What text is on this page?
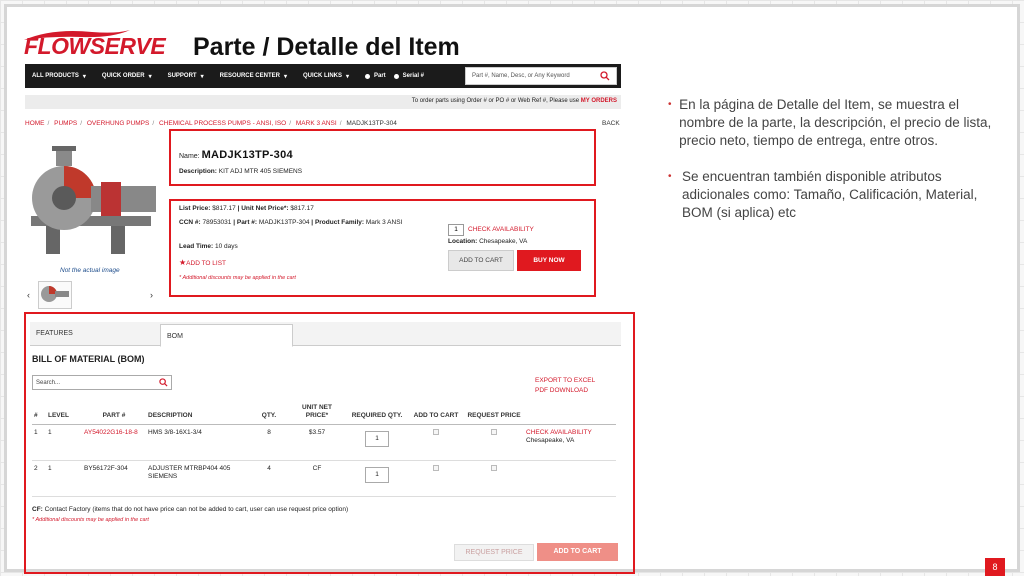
FLOWSERVE Parte / Detalle del Item
ALL PRODUCTS ▾	QUICK ORDER ▾	SUPPORT ▾	RESOURCE CENTER ▾	QUICK LINKS ▾	Part	Serial #	Part #, Name, Desc, or Any Keyword
To order parts using Order # or PO # or Web Ref #, Please use MY ORDERS
HOME / PUMPS / OVERHUNG PUMPS / CHEMICAL PROCESS PUMPS - ANSI, ISO / MARK 3 ANSI / MADJK13TP-304	BACK
Not the actual image
‹	›
Name: MADJK13TP-304
Description: KIT ADJ MTR 405 SIEMENS
List Price: $817.17 | Unit Net Price*: $817.17
CCN #: 78953031 | Part #: MADJK13TP-304 | Product Family: Mark 3 ANSI
Lead Time: 10 days
★ADD TO LIST
* Additional discounts may be applied in the cart
1	CHECK AVAILABILITY
Location: Chesapeake, VA
ADD TO CART	BUY NOW
FEATURES	BOM
BILL OF MATERIAL (BOM)
Search...	EXPORT TO EXCEL
PDF DOWNLOAD
#	LEVEL	PART #	DESCRIPTION	QTY.	UNIT NET PRICE*	REQUIRED QTY.	ADD TO CART	REQUEST PRICE	
1	1	AY54022G16-18-8	HMS 3/8-16X1-3/4	8	$3.57	1			CHECK AVAILABILITY
Chesapeake, VA

2	1	BY56172F-304	ADJUSTER MTRBP404 405 SIEMENS	4	CF	1			
CF: Contact Factory (items that do not have price can not be added to cart, user can use request price option)
* Additional discounts may be applied in the cart
REQUEST PRICE	ADD TO CART
• En la página de Detalle del Item, se muestra el nombre de la parte, la descripción, el precio de lista, precio neto, tiempo de entrega, entre otros.
• Se encuentran también disponible atributos adicionales como: Tamaño, Calificación, Material, BOM (si aplica) etc
8
